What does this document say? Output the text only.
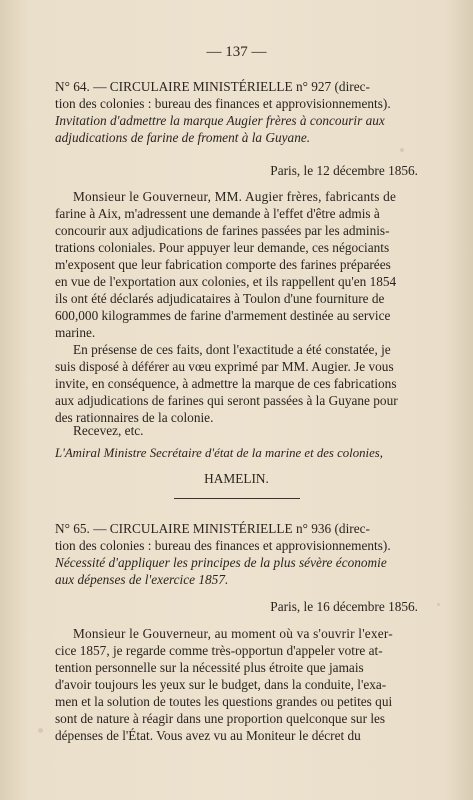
— 137 —
N° 64. — CIRCULAIRE MINISTÉRIELLE n° 927 (direc-
tion des colonies : bureau des finances et approvisionnements).
Invitation d'admettre la marque Augier frères à concourir aux
adjudications de farine de froment à la Guyane.
Paris, le 12 décembre 1856.
Monsieur le Gouverneur, MM. Augier frères, fabricants de
farine à Aix, m'adressent une demande à l'effet d'être admis à
concourir aux adjudications de farines passées par les adminis-
trations coloniales. Pour appuyer leur demande, ces négociants
m'exposent que leur fabrication comporte des farines préparées
en vue de l'exportation aux colonies, et ils rappellent qu'en 1854
ils ont été déclarés adjudicataires à Toulon d'une fourniture de
600,000 kilogrammes de farine d'armement destinée au service
marine.
En présense de ces faits, dont l'exactitude a été constatée, je
suis disposé à déférer au vœu exprimé par MM. Augier. Je vous
invite, en conséquence, à admettre la marque de ces fabrications
aux adjudications de farines qui seront passées à la Guyane pour
des rationnaires de la colonie.
Recevez, etc.
L'Amiral Ministre Secrétaire d'état de la marine et des colonies,
HAMELIN.
N° 65. — CIRCULAIRE MINISTÉRIELLE n° 936 (direc-
tion des colonies : bureau des finances et approvisionnements).
Nécessité d'appliquer les principes de la plus sévère économie
aux dépenses de l'exercice 1857.
Paris, le 16 décembre 1856.
Monsieur le Gouverneur, au moment où va s'ouvrir l'exer-
cice 1857, je regarde comme très-opportun d'appeler votre at-
tention personnelle sur la nécessité plus étroite que jamais
d'avoir toujours les yeux sur le budget, dans la conduite, l'exa-
men et la solution de toutes les questions grandes ou petites qui
sont de nature à réagir dans une proportion quelconque sur les
dépenses de l'État. Vous avez vu au Moniteur le décret du
